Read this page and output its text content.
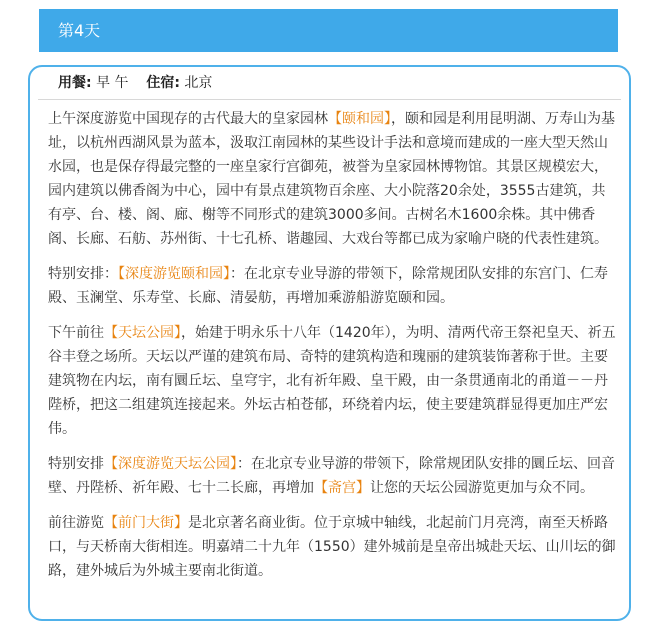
第4天
用餐: 早 午 住宿: 北京

上午深度游览中国现存的古代最大的皇家园林【颐和园】，颐和园是利用昆明湖、万寿山为基址，以杭州西湖风景为蓝本，汲取江南园林的某些设计手法和意境而建成的一座大型天然山水园，也是保存得最完整的一座皇家行宫御苑，被誉为皇家园林博物馆。其景区规模宏大，园内建筑以佛香阁为中心，园中有景点建筑物百余座、大小院落20余处，3555古建筑，共有亭、台、楼、阁、廊、榭等不同形式的建筑3000多间。古树名木1600余株。其中佛香阁、长廊、石舫、苏州街、十七孔桥、谐趣园、大戏台等都已成为家喻户晓的代表性建筑。

特别安排：【深度游览颐和园】：在北京专业导游的带领下，除常规团队安排的东宫门、仁寿殿、玉澜堂、乐寿堂、长廊、清晏舫，再增加乘游船游览颐和园。

下午前往【天坛公园】，始建于明永乐十八年（1420年），为明、清两代帝王祭祀皇天、祈五谷丰登之场所。天坛以严谨的建筑布局、奇特的建筑构造和瑰丽的建筑装饰著称于世。主要建筑物在内坛，南有圜丘坛、皇穹宇，北有祈年殿、皇干殿，由一条贯通南北的甬道－－丹陛桥，把这二组建筑连接起来。外坛古柏苍郁，环绕着内坛，使主要建筑群显得更加庄严宏伟。

特别安排【深度游览天坛公园】：在北京专业导游的带领下，除常规团队安排的圜丘坛、回音壁、丹陛桥、祈年殿、七十二长廊，再增加【斋宫】让您的天坛公园游览更加与众不同。

前往游览【前门大街】是北京著名商业街。位于京城中轴线，北起前门月亮湾，南至天桥路口，与天桥南大街相连。明嘉靖二十九年（1550）建外城前是皇帝出城赴天坛、山川坛的御路，建外城后为外城主要南北街道。
